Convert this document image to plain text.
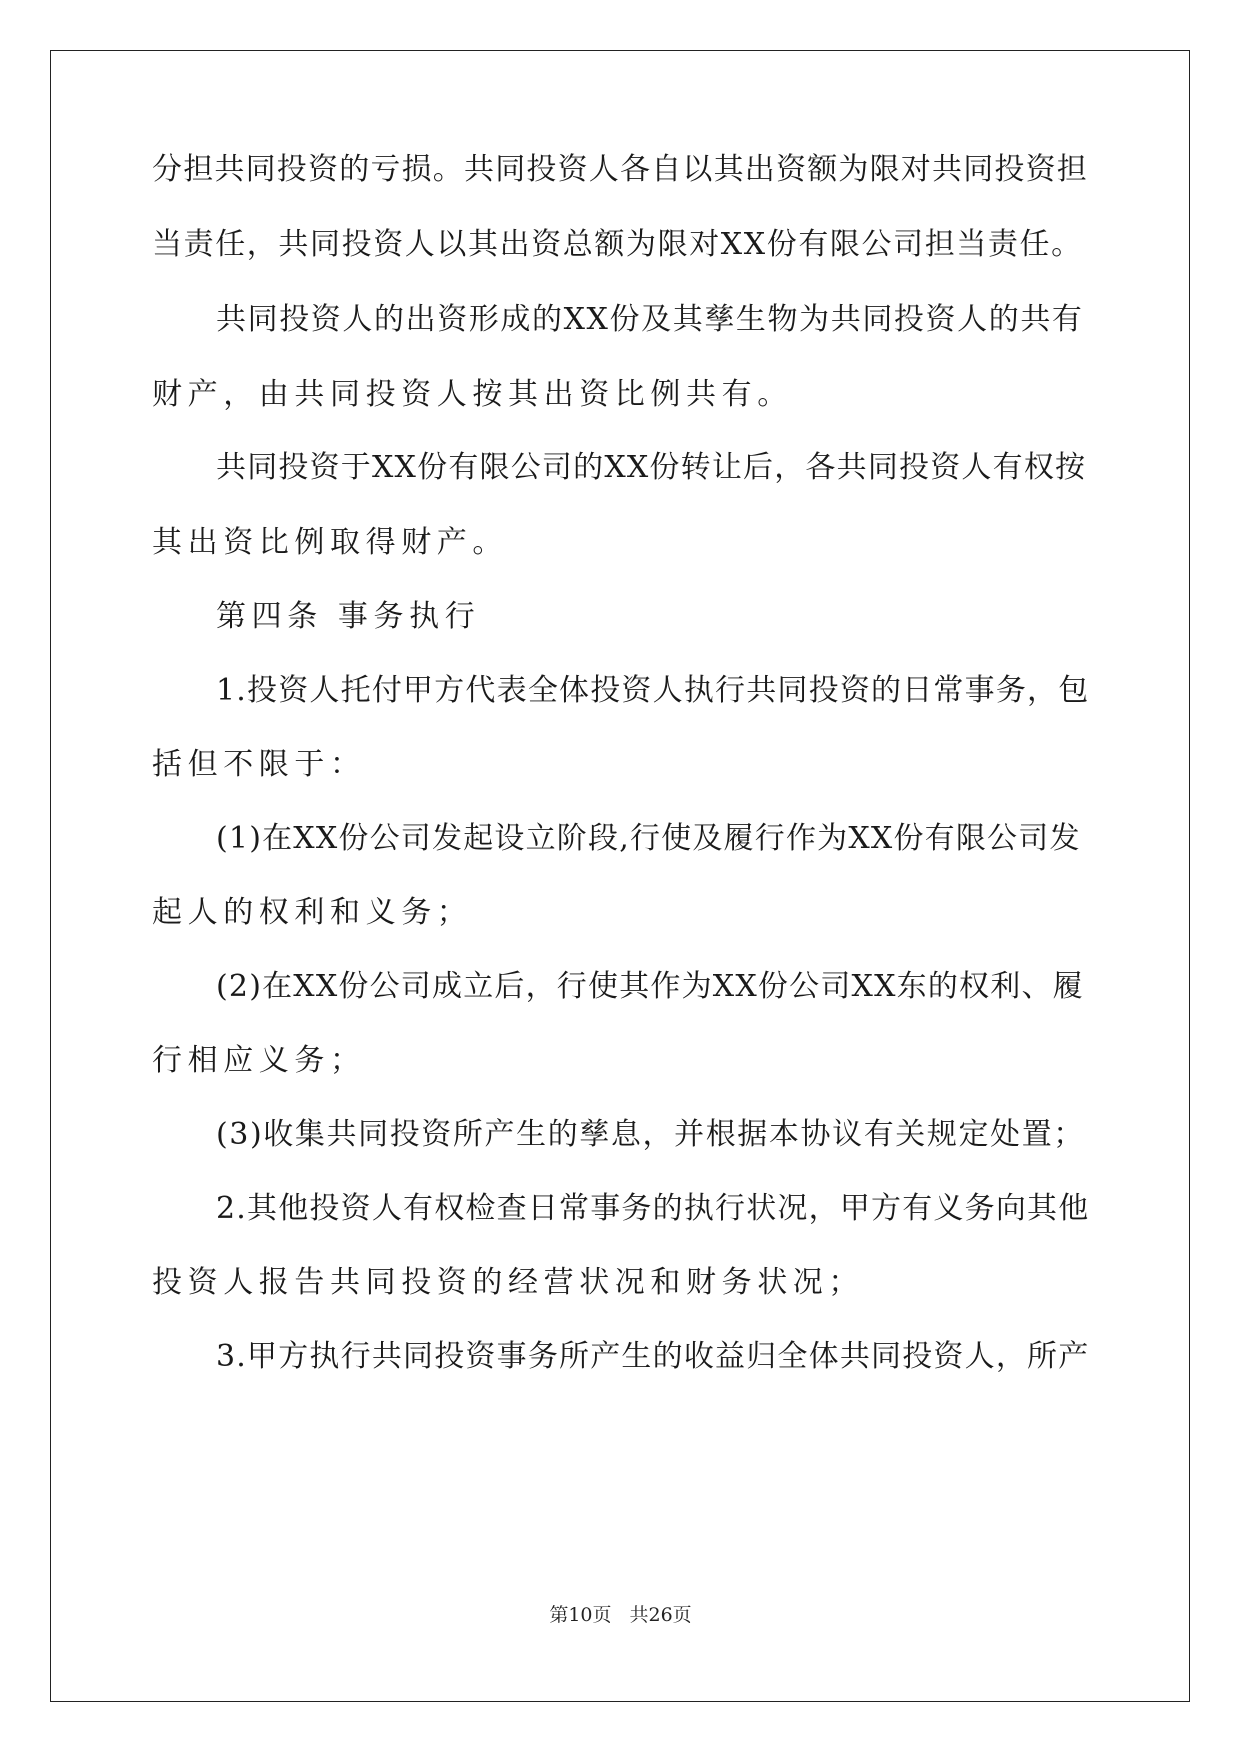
分担共同投资的亏损。共同投资人各自以其出资额为限对共同投资担
当责任，共同投资人以其出资总额为限对XX份有限公司担当责任。
共同投资人的出资形成的XX份及其孳生物为共同投资人的共有
财产，由共同投资人按其出资比例共有。
共同投资于XX份有限公司的XX份转让后，各共同投资人有权按
其出资比例取得财产。
第四条 事务执行
1.投资人托付甲方代表全体投资人执行共同投资的日常事务，包
括但不限于：
(1)在XX份公司发起设立阶段,行使及履行作为XX份有限公司发
起人的权利和义务；
(2)在XX份公司成立后，行使其作为XX份公司XX东的权利、履
行相应义务；
(3)收集共同投资所产生的孳息，并根据本协议有关规定处置；
2.其他投资人有权检查日常事务的执行状况，甲方有义务向其他
投资人报告共同投资的经营状况和财务状况；
3.甲方执行共同投资事务所产生的收益归全体共同投资人，所产
第10页 共26页
